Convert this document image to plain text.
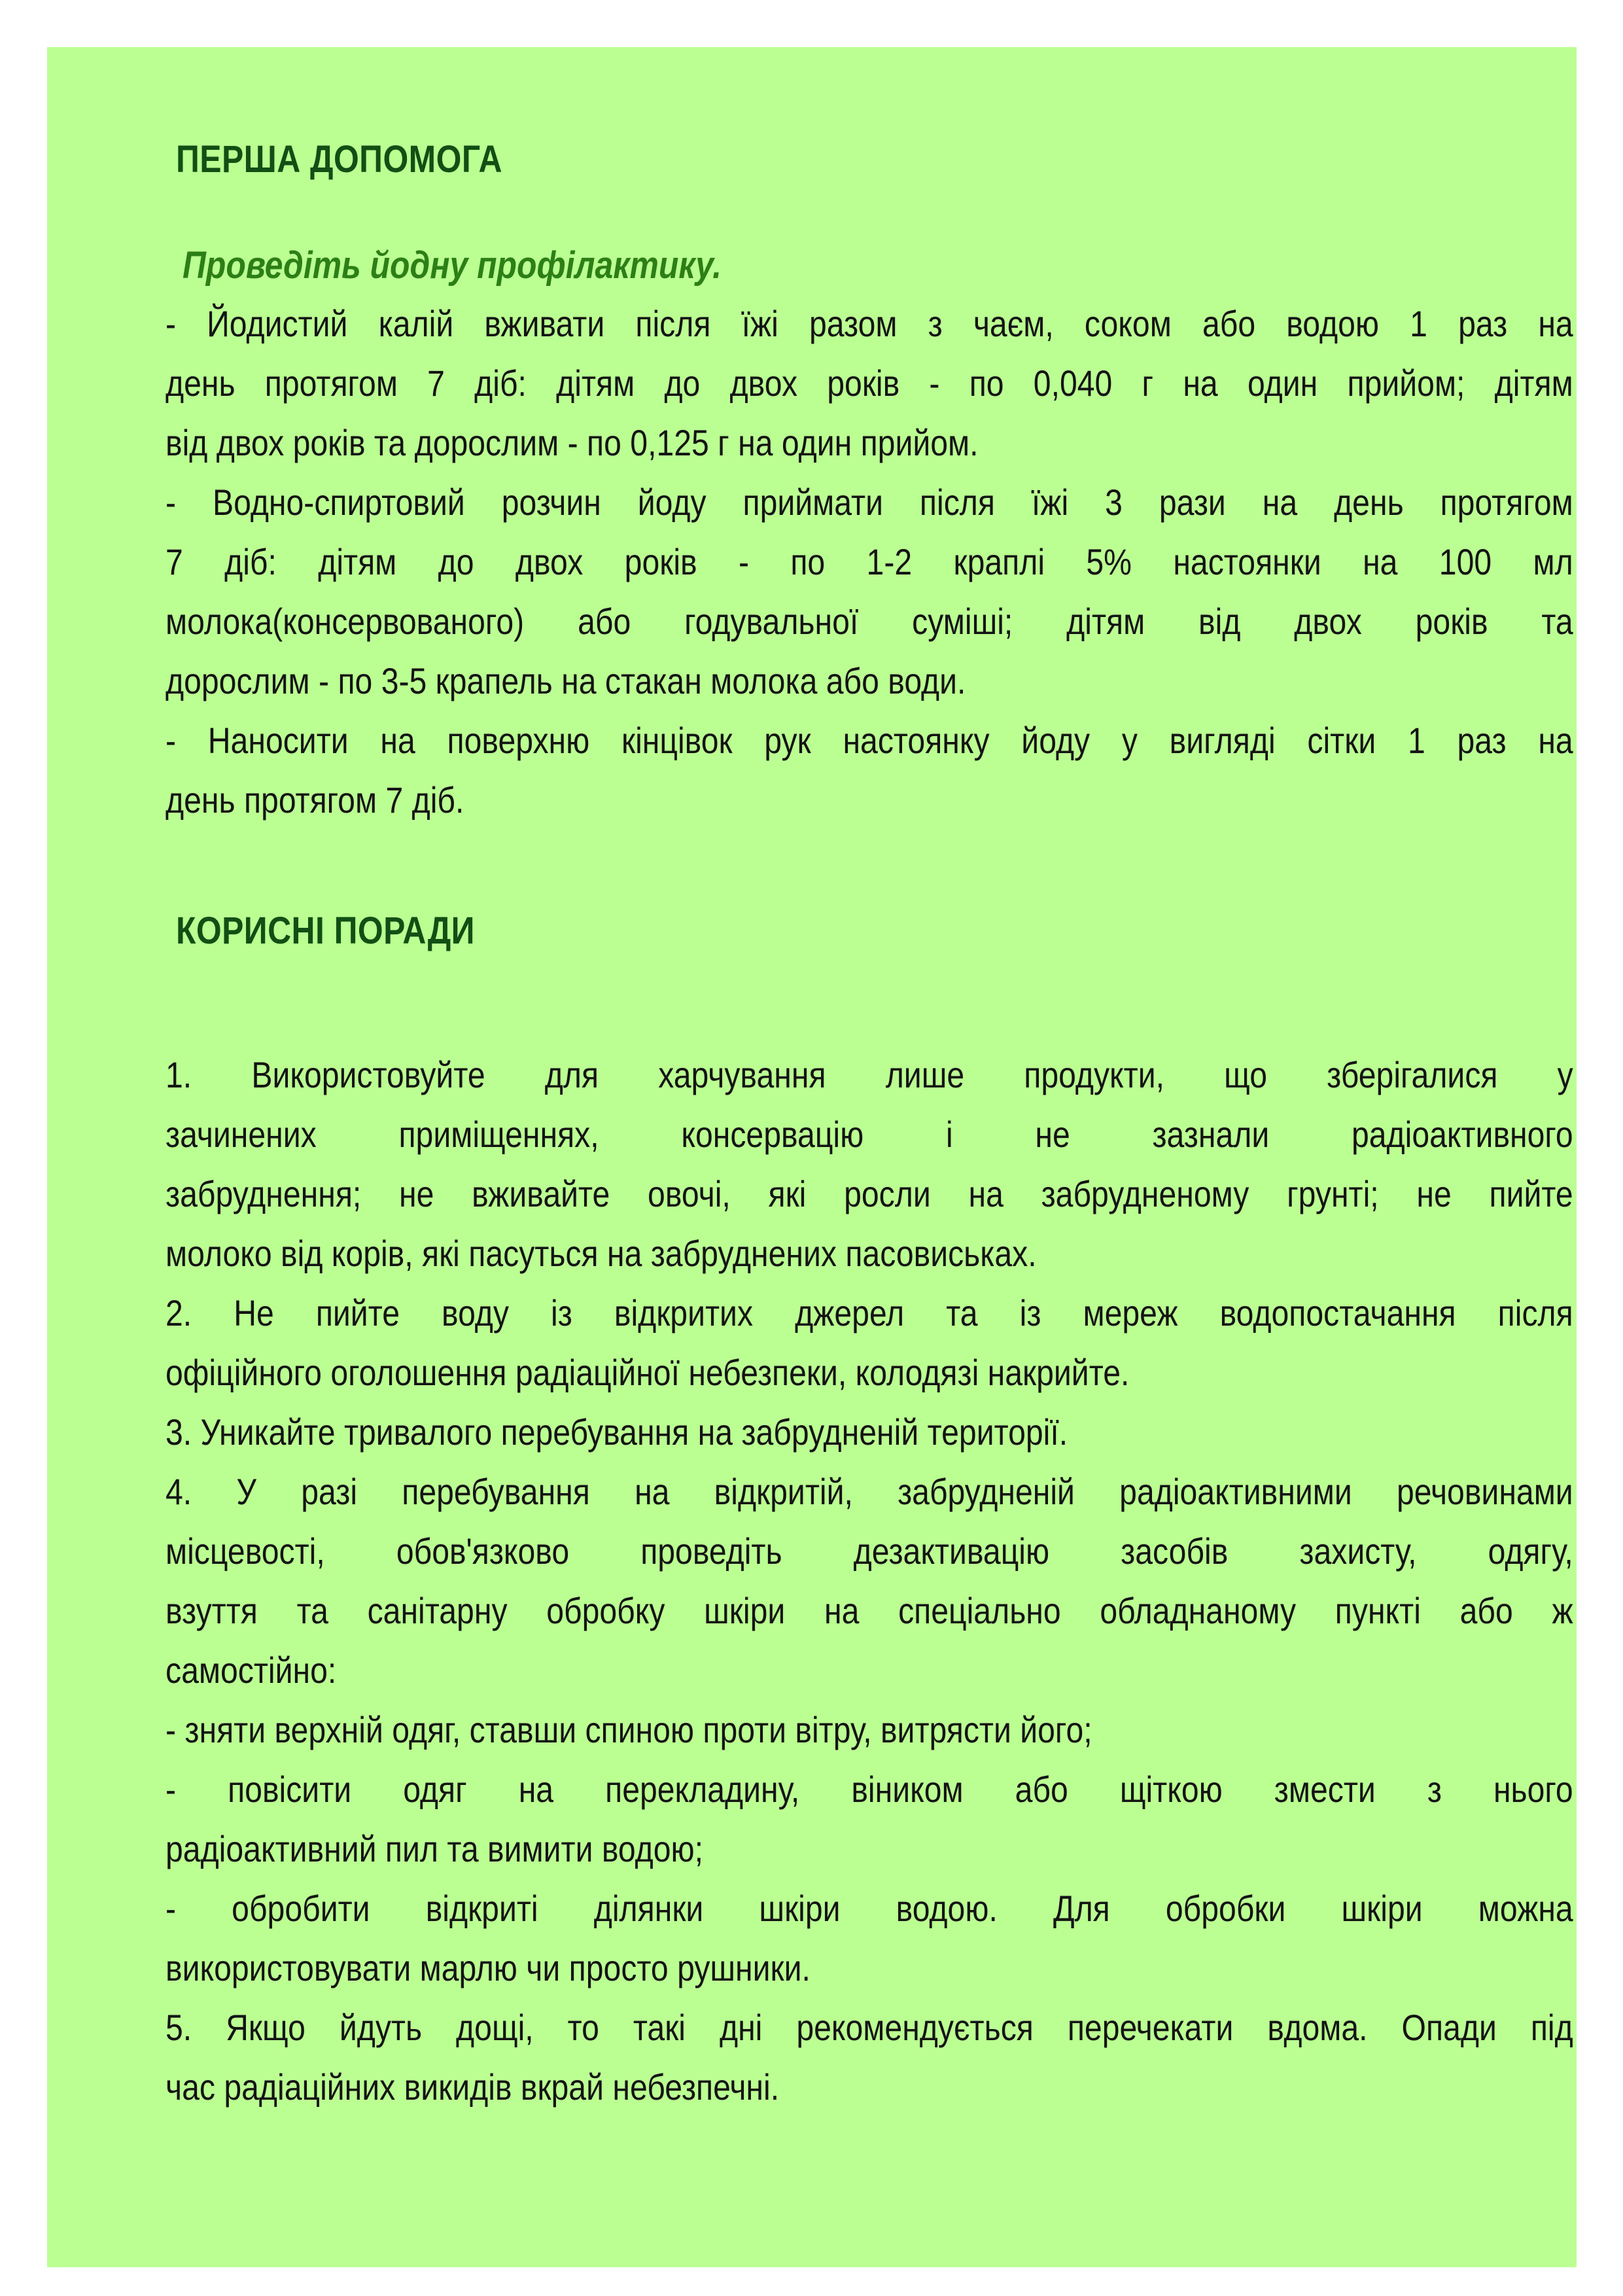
ПЕРША ДОПОМОГА
Проведіть йодну профілактику.
- Йодистий калій вживати після їжі разом з чаєм, соком або водою 1 раз на
день протягом 7 діб: дітям до двох років - по 0,040 г на один прийом; дітям
від двох років та дорослим - по 0,125 г на один прийом.
- Водно-спиртовий розчин йоду приймати після їжі 3 рази на день протягом
7 діб: дітям до двох років - по 1-2 краплі 5% настоянки на 100 мл
молока(консервованого) або годувальної суміші; дітям від двох років та
дорослим - по 3-5 крапель на стакан молока або води.
- Наносити на поверхню кінцівок рук настоянку йоду у вигляді сітки 1 раз на
день протягом 7 діб.
КОРИСНІ ПОРАДИ
1. Використовуйте для харчування лише продукти, що зберігалися у
зачинених приміщеннях, консервацію і не зазнали радіоактивного
забруднення; не вживайте овочі, які росли на забрудненому грунті; не пийте
молоко від корів, які пасуться на забруднених пасовиськах.
2. Не пийте воду із відкритих джерел та із мереж водопостачання після
офіційного оголошення радіаційної небезпеки, колодязі накрийте.
3. Уникайте тривалого перебування на забрудненій території.
4. У разі перебування на відкритій, забрудненій радіоактивними речовинами
місцевості, обов'язково проведіть дезактивацію засобів захисту, одягу,
взуття та санітарну обробку шкіри на спеціально обладнаному пункті або ж
самостійно:
- зняти верхній одяг, ставши спиною проти вітру, витрясти його;
- повісити одяг на перекладину, віником або щіткою змести з нього
радіоактивний пил та вимити водою;
- обробити відкриті ділянки шкіри водою. Для обробки шкіри можна
використовувати марлю чи просто рушники.
5. Якщо йдуть дощі, то такі дні рекомендується перечекати вдома. Опади під
час радіаційних викидів вкрай небезпечні.
